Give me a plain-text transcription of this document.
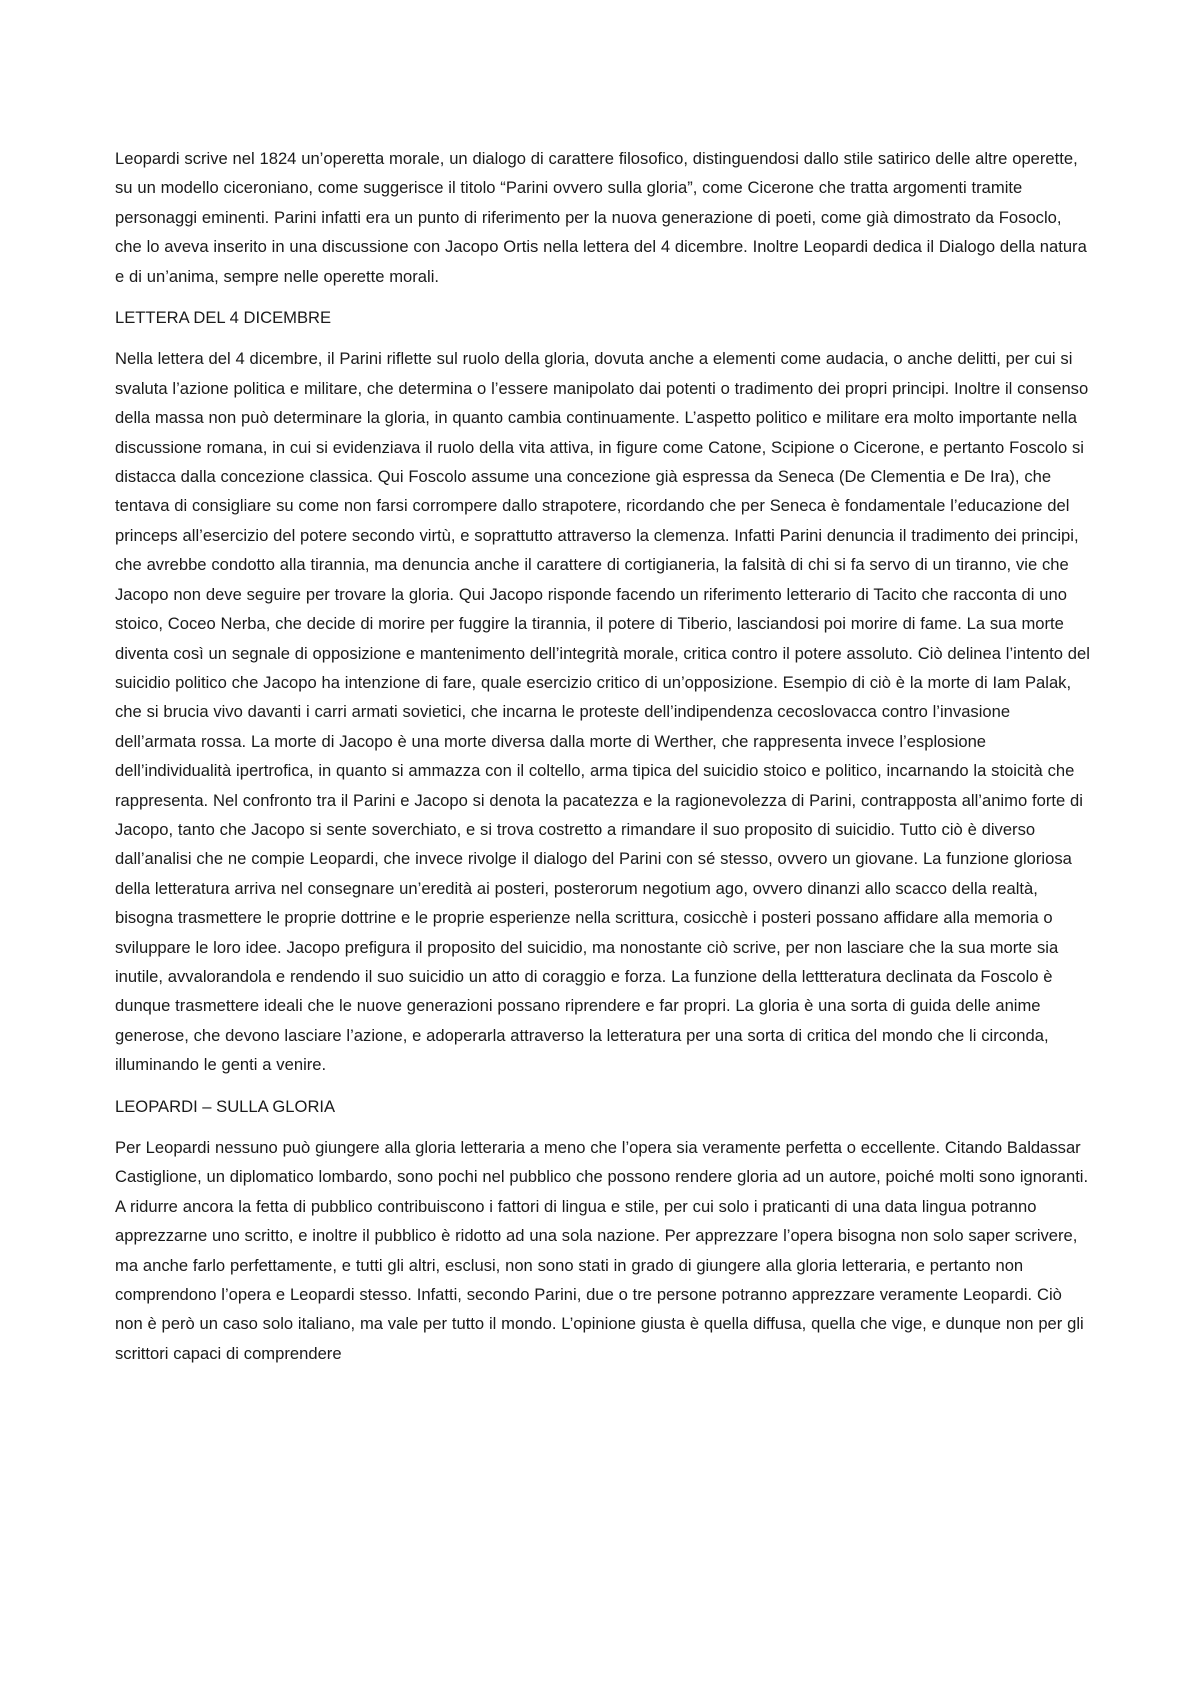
Leopardi scrive nel 1824 un’operetta morale, un dialogo di carattere filosofico, distinguendosi dallo stile satirico delle altre operette, su un modello ciceroniano, come suggerisce il titolo “Parini ovvero sulla gloria”, come Cicerone che tratta argomenti tramite personaggi eminenti. Parini infatti era un punto di riferimento per la nuova generazione di poeti, come già dimostrato da Fosoclo, che lo aveva inserito in una discussione con Jacopo Ortis nella lettera del 4 dicembre. Inoltre Leopardi dedica il Dialogo della natura e di un’anima, sempre nelle operette morali.

LETTERA DEL 4 DICEMBRE

Nella lettera del 4 dicembre, il Parini riflette sul ruolo della gloria, dovuta anche a elementi come audacia, o anche delitti, per cui si svaluta l’azione politica e militare, che determina o l’essere manipolato dai potenti o tradimento dei propri principi. Inoltre il consenso della massa non può determinare la gloria, in quanto cambia continuamente. L’aspetto politico e militare era molto importante nella discussione romana, in cui si evidenziava il ruolo della vita attiva, in figure come Catone, Scipione o Cicerone, e pertanto Foscolo si distacca dalla concezione classica. Qui Foscolo assume una concezione già espressa da Seneca (De Clementia e De Ira), che tentava di consigliare su come non farsi corrompere dallo strapotere, ricordando che per Seneca è fondamentale l’educazione del princeps all’esercizio del potere secondo virtù, e soprattutto attraverso la clemenza. Infatti Parini denuncia il tradimento dei principi, che avrebbe condotto alla tirannia, ma denuncia anche il carattere di cortigianeria, la falsità di chi si fa servo di un tiranno, vie che Jacopo non deve seguire per trovare la gloria. Qui Jacopo risponde facendo un riferimento letterario di Tacito che racconta di uno stoico, Coceo Nerba, che decide di morire per fuggire la tirannia, il potere di Tiberio, lasciandosi poi morire di fame. La sua morte diventa così un segnale di opposizione e mantenimento dell’integrità morale, critica contro il potere assoluto. Ciò delinea l’intento del suicidio politico che Jacopo ha intenzione di fare, quale esercizio critico di un’opposizione. Esempio di ciò è la morte di Iam Palak, che si brucia vivo davanti i carri armati sovietici, che incarna le proteste dell’indipendenza cecoslovacca contro l’invasione dell’armata rossa. La morte di Jacopo è una morte diversa dalla morte di Werther, che rappresenta invece l’esplosione dell’individualità ipertrofica, in quanto si ammazza con il coltello, arma tipica del suicidio stoico e politico, incarnando la stoicità che rappresenta. Nel confronto tra il Parini e Jacopo si denota la pacatezza e la ragionevolezza di Parini, contrapposta all’animo forte di Jacopo, tanto che Jacopo si sente soverchiato, e si trova costretto a rimandare il suo proposito di suicidio. Tutto ciò è diverso dall’analisi che ne compie Leopardi, che invece rivolge il dialogo del Parini con sé stesso, ovvero un giovane. La funzione gloriosa della letteratura arriva nel consegnare un’eredità ai posteri, posterorum negotium ago, ovvero dinanzi allo scacco della realtà, bisogna trasmettere le proprie dottrine e le proprie esperienze nella scrittura, cosicchè i posteri possano affidare alla memoria o sviluppare le loro idee. Jacopo prefigura il proposito del suicidio, ma nonostante ciò scrive, per non lasciare che la sua morte sia inutile, avvalorandola e rendendo il suo suicidio un atto di coraggio e forza. La funzione della lettteratura declinata da Foscolo è dunque trasmettere ideali che le nuove generazioni possano riprendere e far propri. La gloria è una sorta di guida delle anime generose, che devono lasciare l’azione, e adoperarla attraverso la letteratura per una sorta di critica del mondo che li circonda, illuminando le genti a venire.

LEOPARDI – SULLA GLORIA

Per Leopardi nessuno può giungere alla gloria letteraria a meno che l’opera sia veramente perfetta o eccellente. Citando Baldassar Castiglione, un diplomatico lombardo, sono pochi nel pubblico che possono rendere gloria ad un autore, poiché molti sono ignoranti. A ridurre ancora la fetta di pubblico contribuiscono i fattori di lingua e stile, per cui solo i praticanti di una data lingua potranno apprezzarne uno scritto, e inoltre il pubblico è ridotto ad una sola nazione. Per apprezzare l’opera bisogna non solo saper scrivere, ma anche farlo perfettamente, e tutti gli altri, esclusi, non sono stati in grado di giungere alla gloria letteraria, e pertanto non comprendono l’opera e Leopardi stesso. Infatti, secondo Parini, due o tre persone potranno apprezzare veramente Leopardi. Ciò non è però un caso solo italiano, ma vale per tutto il mondo. L’opinione giusta è quella diffusa, quella che vige, e dunque non per gli scrittori capaci di comprendere
